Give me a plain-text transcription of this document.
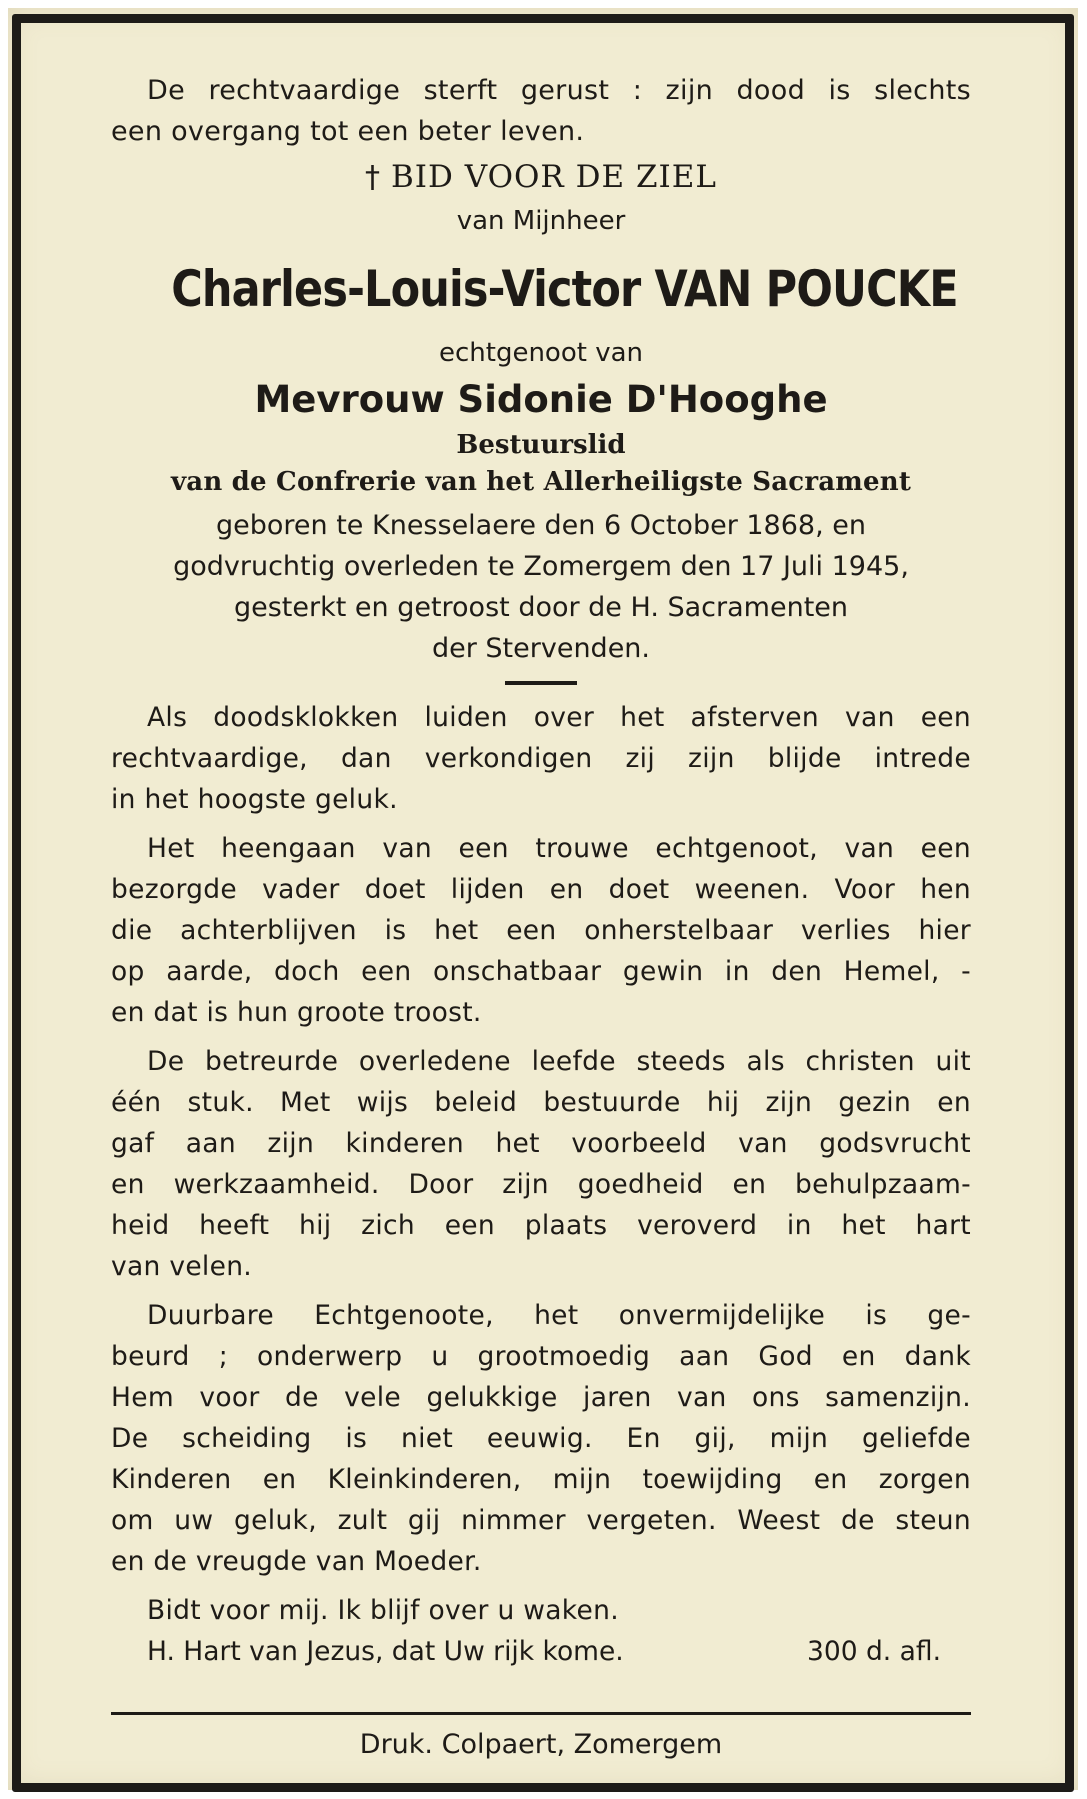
De rechtvaardige sterft gerust : zijn dood is slechts

een overgang tot een beter leven.

† BID VOOR DE ZIEL

van Mijnheer

Charles-Louis-Victor VAN POUCKE

echtgenoot van

Mevrouw Sidonie D'Hooghe

Bestuurslid

van de Confrerie van het Allerheiligste Sacrament

geboren te Knesselaere den 6 October 1868, en

godvruchtig overleden te Zomergem den 17 Juli 1945,

gesterkt en getroost door de H. Sacramenten

der Stervenden.

Als doodsklokken luiden over het afsterven van een

rechtvaardige, dan verkondigen zij zijn blijde intrede

in het hoogste geluk.

Het heengaan van een trouwe echtgenoot, van een

bezorgde vader doet lijden en doet weenen. Voor hen

die achterblijven is het een onherstelbaar verlies hier

op aarde, doch een onschatbaar gewin in den Hemel, -

en dat is hun groote troost.

De betreurde overledene leefde steeds als christen uit

één stuk. Met wijs beleid bestuurde hij zijn gezin en

gaf aan zijn kinderen het voorbeeld van godsvrucht

en werkzaamheid. Door zijn goedheid en behulpzaam-

heid heeft hij zich een plaats veroverd in het hart

van velen.

Duurbare Echtgenoote, het onvermijdelijke is ge-

beurd ; onderwerp u grootmoedig aan God en dank

Hem voor de vele gelukkige jaren van ons samenzijn.

De scheiding is niet eeuwig. En gij, mijn geliefde

Kinderen en Kleinkinderen, mijn toewijding en zorgen

om uw geluk, zult gij nimmer vergeten. Weest de steun

en de vreugde van Moeder.

Bidt voor mij. Ik blijf over u waken.

H. Hart van Jezus, dat Uw rijk kome.	300 d. afl.
Druk. Colpaert, Zomergem
